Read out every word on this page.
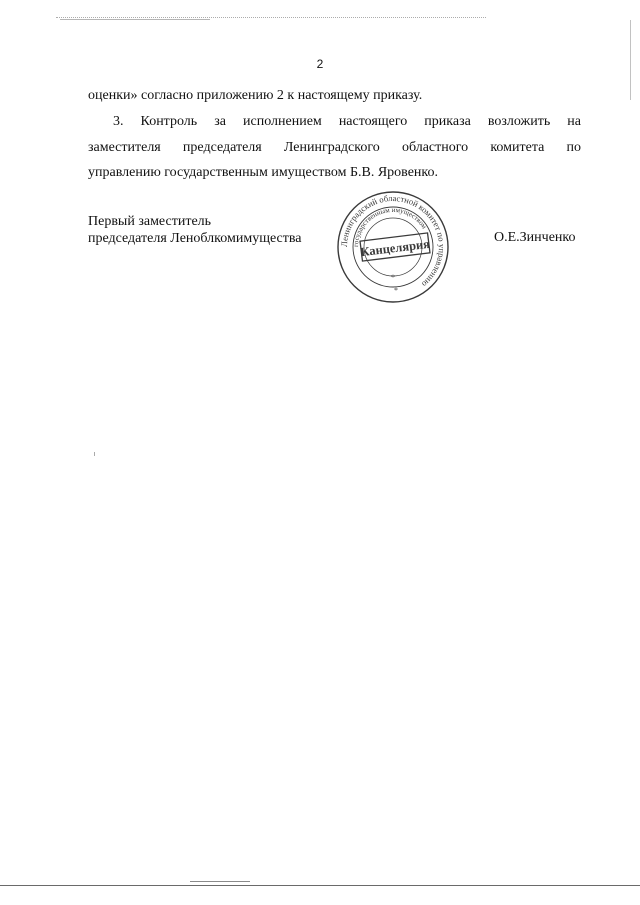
2
оценки» согласно приложению 2 к настоящему приказу.
3. Контроль за исполнением настоящего приказа возложить на
заместителя председателя Ленинградского областного комитета по
управлению государственным имуществом Б.В. Яровенко.
Первый заместитель
председателя Леноблкомимущества	О.Е.Зинченко
Ленинградский областной комитет по управлению
государственным имуществом
Канцелярия
*
*
